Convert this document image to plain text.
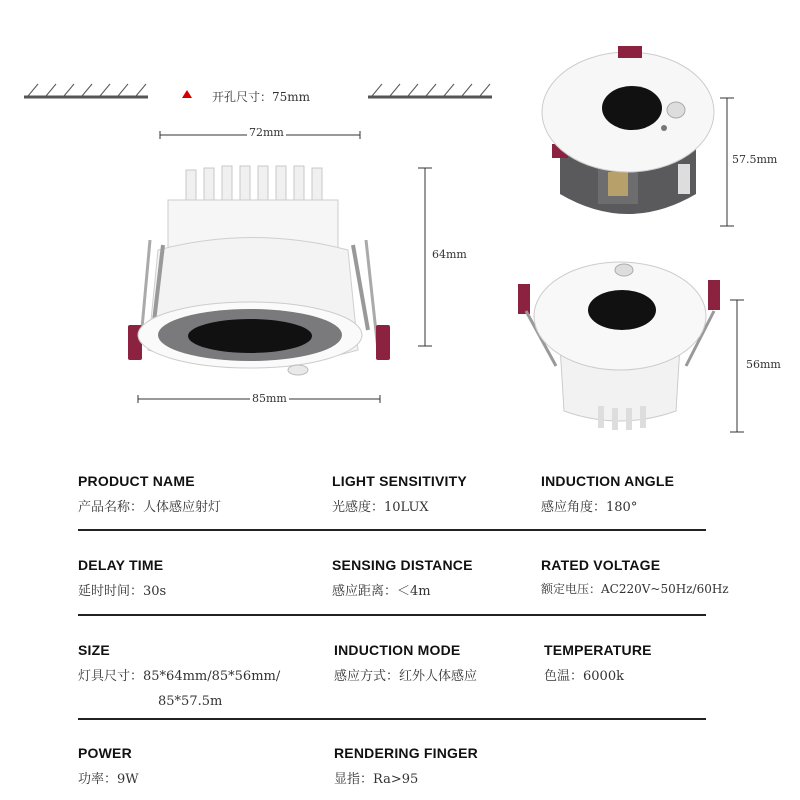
开孔尺寸：75mm
72mm
64mm
85mm
57.5mm
56mm
PRODUCT NAME
产品名称：人体感应射灯
LIGHT SENSITIVITY
光感度：10LUX
INDUCTION ANGLE
感应角度：180°
DELAY TIME
延时时间：30s
SENSING DISTANCE
感应距离：＜4m
RATED VOLTAGE
额定电压：AC220V~50Hz/60Hz
SIZE
灯具尺寸：85*64mm/85*56mm/
85*57.5m
INDUCTION MODE
感应方式：红外人体感应
TEMPERATURE
色温：6000k
POWER
功率：9W
RENDERING FINGER
显指：Ra>95
